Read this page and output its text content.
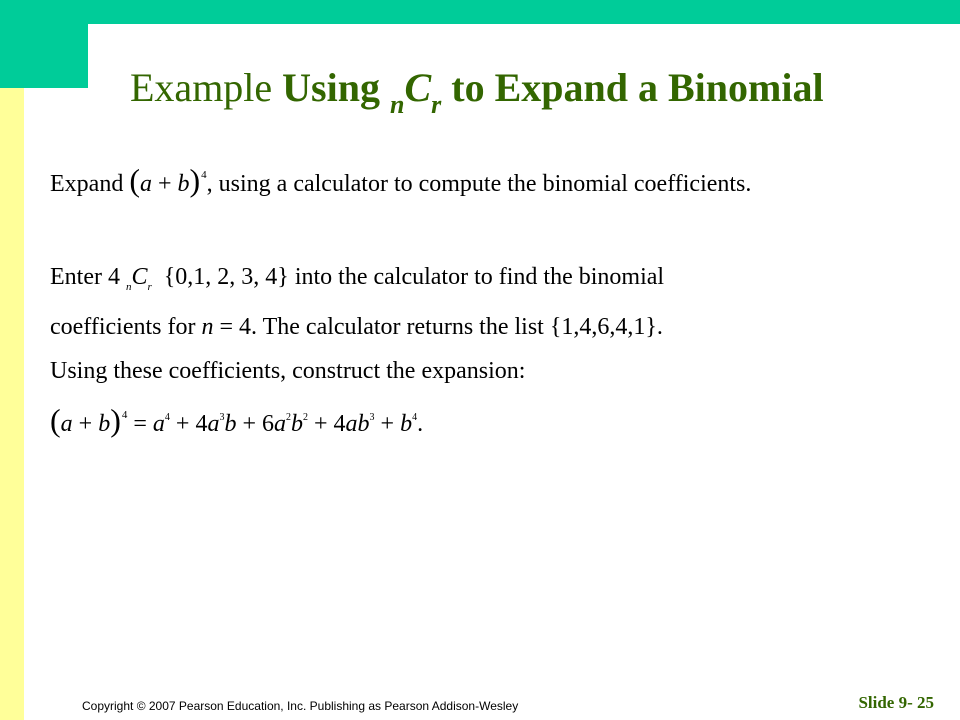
Example Using $_nC_r$ to Expand a Binomial
Expand $(a + b)^4$, using a calculator to compute the binomial coefficients.
Enter 4 $_nC_r$ {0,1, 2, 3, 4} into the calculator to find the binomial
coefficients for n = 4. The calculator returns the list {1,4,6,4,1}.
Using these coefficients, construct the expansion:
$(a + b)^4 = a^4 + 4a^3b + 6a^2b^2 + 4ab^3 + b^4$.
Copyright © 2007 Pearson Education, Inc. Publishing as Pearson Addison-Wesley	Slide 9- 25
